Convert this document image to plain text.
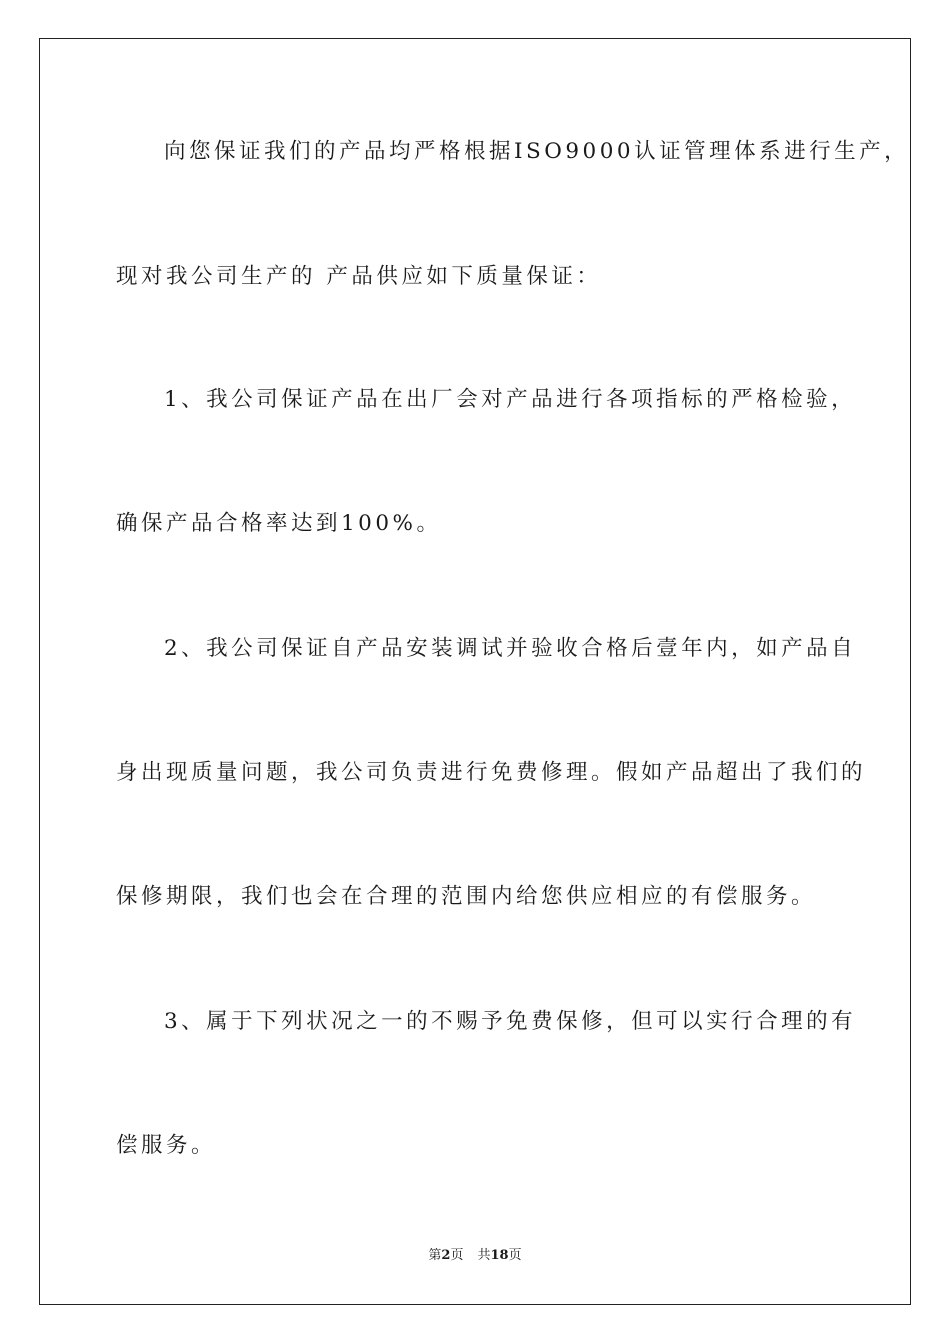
向您保证我们的产品均严格根据ISO9000认证管理体系进行生产，
现对我公司生产的 产品供应如下质量保证：
1、我公司保证产品在出厂会对产品进行各项指标的严格检验，
确保产品合格率达到100%。
2、我公司保证自产品安装调试并验收合格后壹年内，如产品自
身出现质量问题，我公司负责进行免费修理。假如产品超出了我们的
保修期限，我们也会在合理的范围内给您供应相应的有偿服务。
3、属于下列状况之一的不赐予免费保修，但可以实行合理的有
偿服务。
第2页 共18页
